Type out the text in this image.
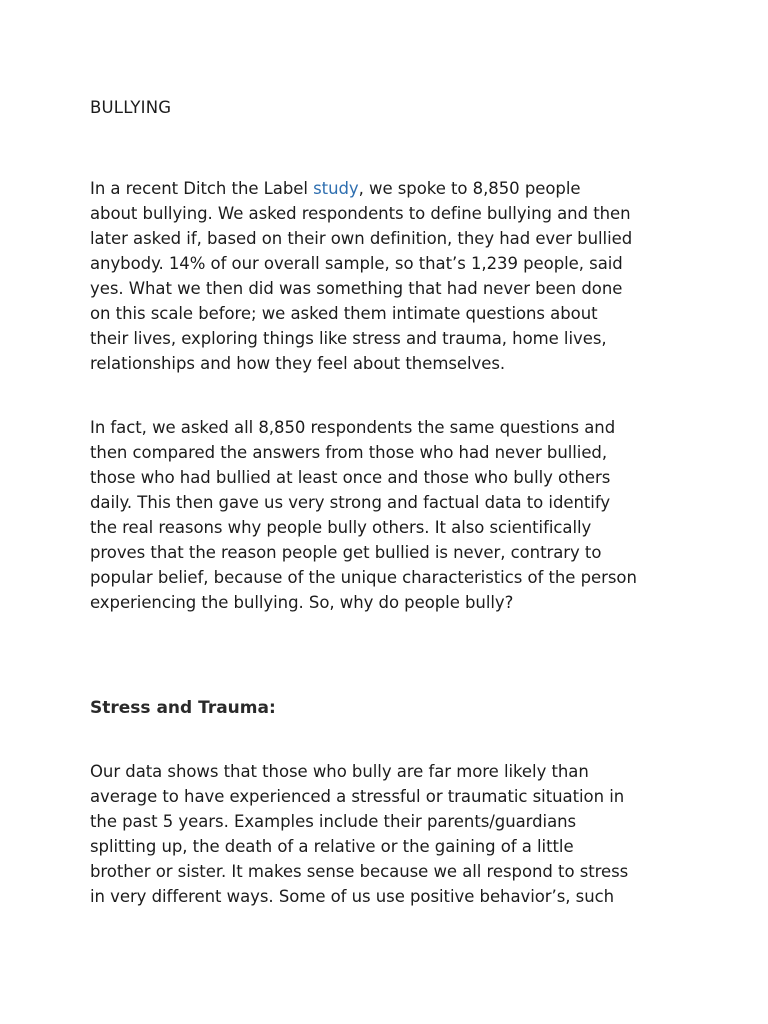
BULLYING
In a recent Ditch the Label study, we spoke to 8,850 people
about bullying. We asked respondents to define bullying and then
later asked if, based on their own definition, they had ever bullied
anybody. 14% of our overall sample, so that’s 1,239 people, said
yes. What we then did was something that had never been done
on this scale before; we asked them intimate questions about
their lives, exploring things like stress and trauma, home lives,
relationships and how they feel about themselves.
In fact, we asked all 8,850 respondents the same questions and
then compared the answers from those who had never bullied,
those who had bullied at least once and those who bully others
daily. This then gave us very strong and factual data to identify
the real reasons why people bully others. It also scientifically
proves that the reason people get bullied is never, contrary to
popular belief, because of the unique characteristics of the person
experiencing the bullying. So, why do people bully?
Stress and Trauma:
Our data shows that those who bully are far more likely than
average to have experienced a stressful or traumatic situation in
the past 5 years. Examples include their parents/guardians
splitting up, the death of a relative or the gaining of a little
brother or sister. It makes sense because we all respond to stress
in very different ways. Some of us use positive behavior’s, such
